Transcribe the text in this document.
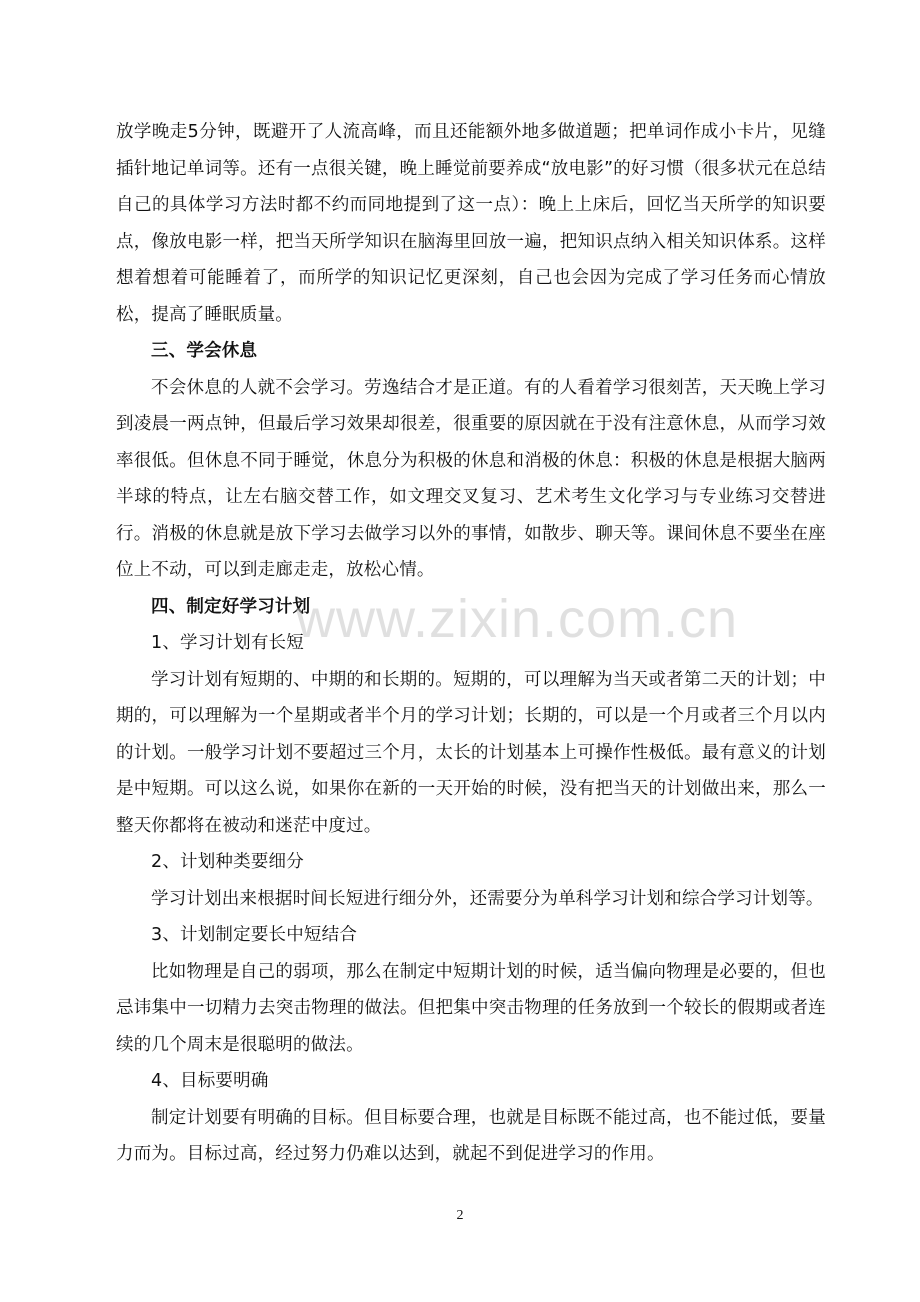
放学晚走5分钟，既避开了人流高峰，而且还能额外地多做道题；把单词作成小卡片，见缝插针地记单词等。还有一点很关键，晚上睡觉前要养成“放电影”的好习惯（很多状元在总结自己的具体学习方法时都不约而同地提到了这一点）：晚上上床后，回忆当天所学的知识要点，像放电影一样，把当天所学知识在脑海里回放一遍，把知识点纳入相关知识体系。这样想着想着可能睡着了，而所学的知识记忆更深刻，自己也会因为完成了学习任务而心情放松，提高了睡眠质量。

三、学会休息

不会休息的人就不会学习。劳逸结合才是正道。有的人看着学习很刻苦，天天晚上学习到凌晨一两点钟，但最后学习效果却很差，很重要的原因就在于没有注意休息，从而学习效率很低。但休息不同于睡觉，休息分为积极的休息和消极的休息：积极的休息是根据大脑两半球的特点，让左右脑交替工作，如文理交叉复习、艺术考生文化学习与专业练习交替进行。消极的休息就是放下学习去做学习以外的事情，如散步、聊天等。课间休息不要坐在座位上不动，可以到走廊走走，放松心情。

四、制定好学习计划

1、学习计划有长短

学习计划有短期的、中期的和长期的。短期的，可以理解为当天或者第二天的计划；中期的，可以理解为一个星期或者半个月的学习计划；长期的，可以是一个月或者三个月以内的计划。一般学习计划不要超过三个月，太长的计划基本上可操作性极低。最有意义的计划是中短期。可以这么说，如果你在新的一天开始的时候，没有把当天的计划做出来，那么一整天你都将在被动和迷茫中度过。

2、计划种类要细分

学习计划出来根据时间长短进行细分外，还需要分为单科学习计划和综合学习计划等。

3、计划制定要长中短结合

比如物理是自己的弱项，那么在制定中短期计划的时候，适当偏向物理是必要的，但也忌讳集中一切精力去突击物理的做法。但把集中突击物理的任务放到一个较长的假期或者连续的几个周末是很聪明的做法。

4、目标要明确

制定计划要有明确的目标。但目标要合理，也就是目标既不能过高，也不能过低，要量力而为。目标过高，经过努力仍难以达到，就起不到促进学习的作用。

www.zixin.com.cn
2
